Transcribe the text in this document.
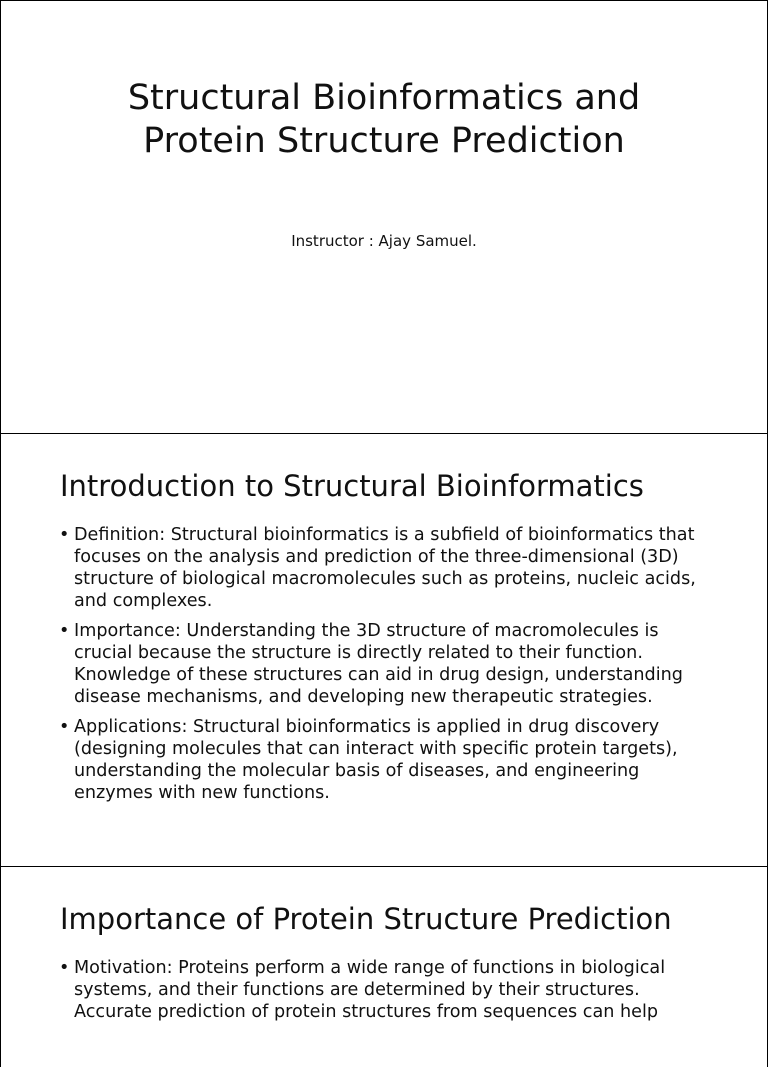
Structural Bioinformatics and
Protein Structure Prediction

Instructor : Ajay Samuel.

Introduction to Structural Bioinformatics
• Definition: Structural bioinformatics is a subfield of bioinformatics that focuses on the analysis and prediction of the three-dimensional (3D) structure of biological macromolecules such as proteins, nucleic acids, and complexes.
• Importance: Understanding the 3D structure of macromolecules is crucial because the structure is directly related to their function. Knowledge of these structures can aid in drug design, understanding disease mechanisms, and developing new therapeutic strategies.
• Applications: Structural bioinformatics is applied in drug discovery (designing molecules that can interact with specific protein targets), understanding the molecular basis of diseases, and engineering enzymes with new functions.
Importance of Protein Structure Prediction
• Motivation: Proteins perform a wide range of functions in biological systems, and their functions are determined by their structures. Accurate prediction of protein structures from sequences can help
